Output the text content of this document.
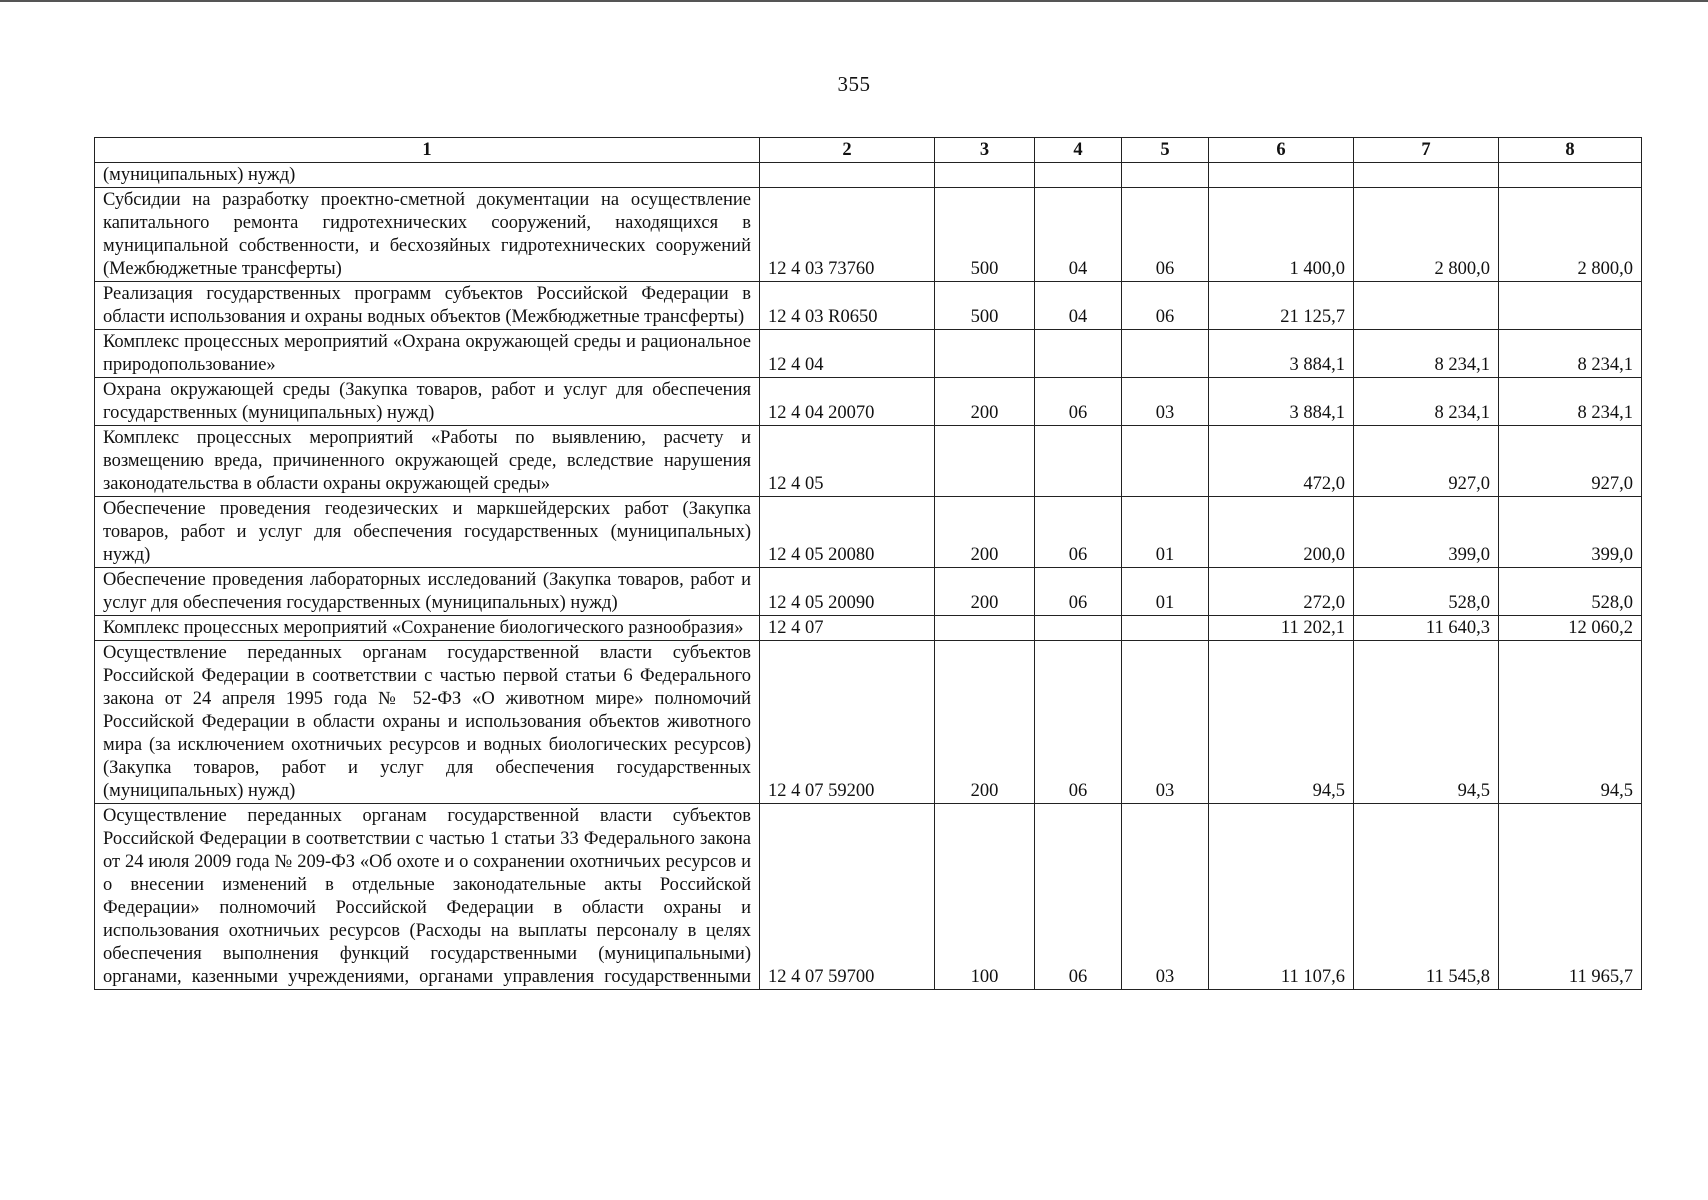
355
1	2	3	4	5	6	7	8
(муниципальных) нужд)							
Субсидии на разработку проектно-сметной документации на осуществление капитального ремонта гидротехнических сооружений, находящихся в муниципальной собственности, и бесхозяйных гидротехнических сооружений (Межбюджетные трансферты)	12 4 03 73760	500	04	06	1 400,0	2 800,0	2 800,0
Реализация государственных программ субъектов Российской Федерации в области использования и охраны водных объектов (Межбюджетные трансферты)	12 4 03 R0650	500	04	06	21 125,7		
Комплекс процессных мероприятий «Охрана окружающей среды и рациональное природопользование»	12 4 04				3 884,1	8 234,1	8 234,1
Охрана окружающей среды (Закупка товаров, работ и услуг для обеспечения государственных (муниципальных) нужд)	12 4 04 20070	200	06	03	3 884,1	8 234,1	8 234,1
Комплекс процессных мероприятий «Работы по выявлению, расчету и возмещению вреда, причиненного окружающей среде, вследствие нарушения законодательства в области охраны окружающей среды»	12 4 05				472,0	927,0	927,0
Обеспечение проведения геодезических и маркшейдерских работ (Закупка товаров, работ и услуг для обеспечения государственных (муниципальных) нужд)	12 4 05 20080	200	06	01	200,0	399,0	399,0
Обеспечение проведения лабораторных исследований (Закупка товаров, работ и услуг для обеспечения государственных (муниципальных) нужд)	12 4 05 20090	200	06	01	272,0	528,0	528,0
Комплекс процессных мероприятий «Сохранение биологического разнообразия»	12 4 07				11 202,1	11 640,3	12 060,2
Осуществление переданных органам государственной власти субъектов Российской Федерации в соответствии с частью первой статьи 6 Федерального закона от 24 апреля 1995 года № 52-ФЗ «О животном мире» полномочий Российской Федерации в области охраны и использования объектов животного мира (за исключением охотничьих ресурсов и водных биологических ресурсов) (Закупка товаров, работ и услуг для обеспечения государственных (муниципальных) нужд)	12 4 07 59200	200	06	03	94,5	94,5	94,5
Осуществление переданных органам государственной власти субъектов Российской Федерации в соответствии с частью 1 статьи 33 Федерального закона от 24 июля 2009 года № 209-ФЗ «Об охоте и о сохранении охотничьих ресурсов и о внесении изменений в отдельные законодательные акты Российской Федерации» полномочий Российской Федерации в области охраны и использования охотничьих ресурсов (Расходы на выплаты персоналу в целях обеспечения выполнения функций государственными (муниципальными) органами, казенными учреждениями, органами управления государственными	12 4 07 59700	100	06	03	11 107,6	11 545,8	11 965,7
